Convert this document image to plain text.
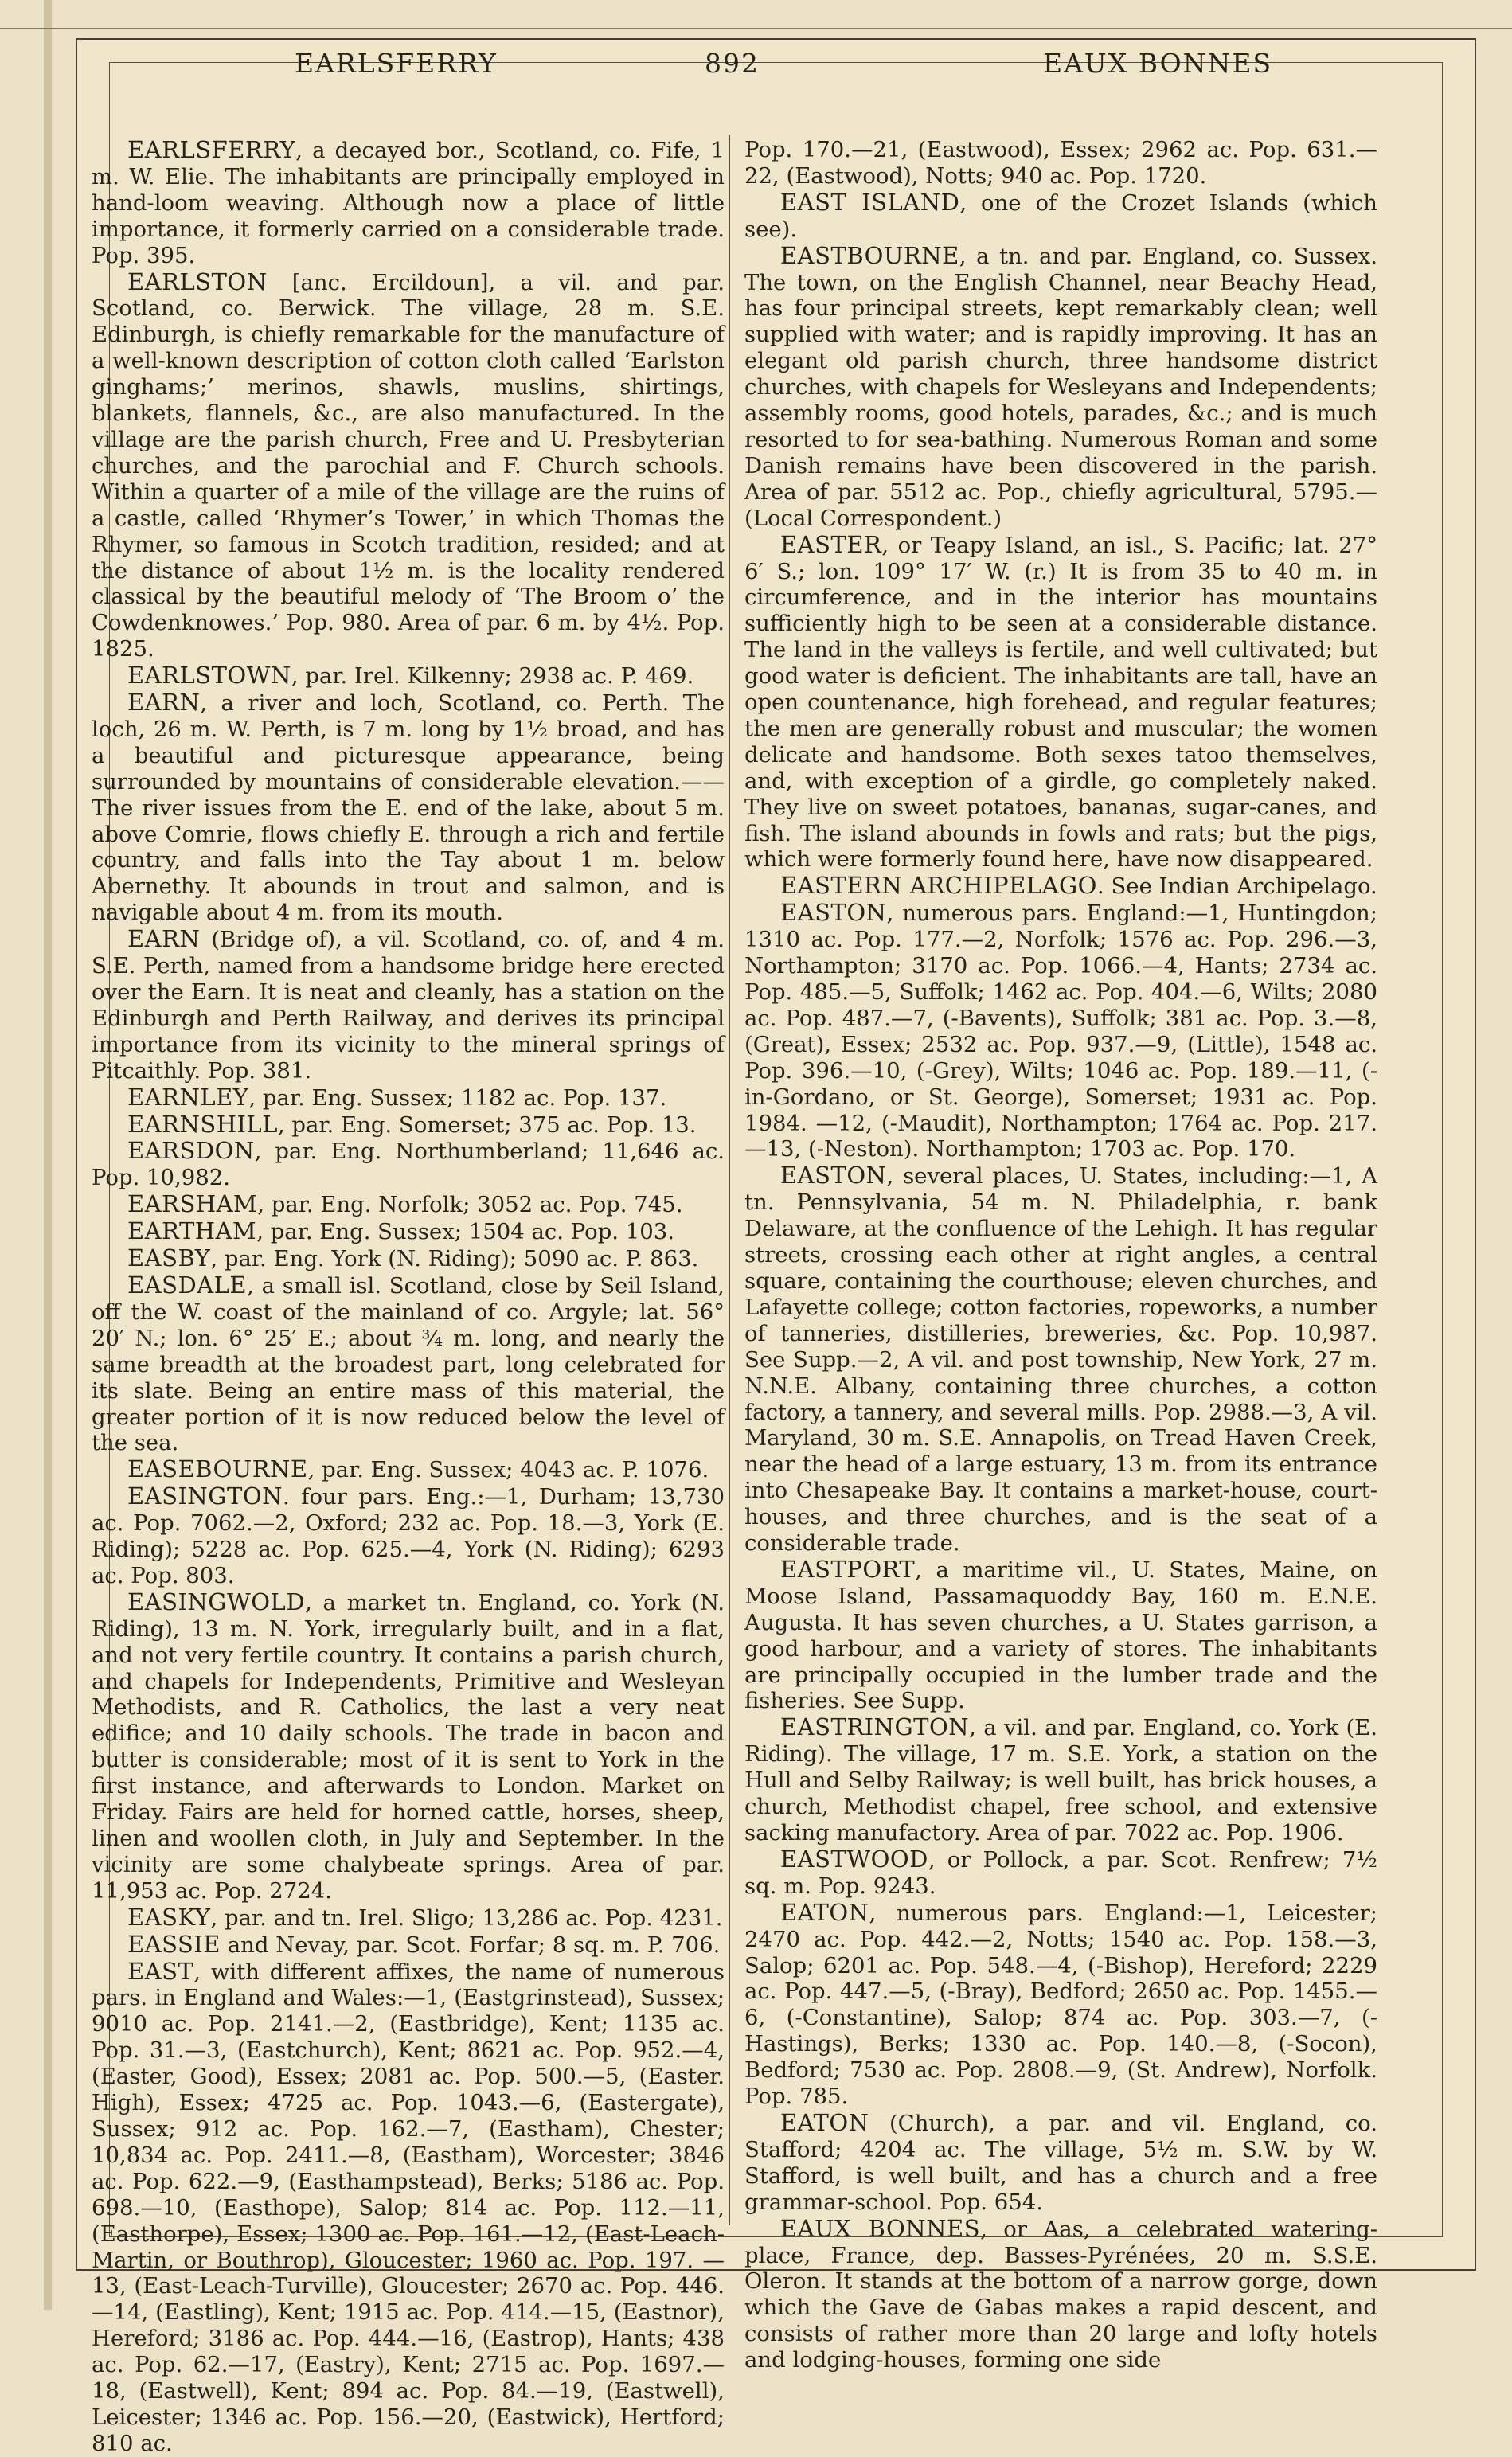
EARLSFERRY	892	EAUX BONNES

EARLSFERRY, a decayed bor., Scotland, co. Fife, 1 m. W. Elie. The inhabitants are principally employed in hand-loom weaving. Although now a place of little importance, it formerly carried on a considerable trade. Pop. 395.

EARLSTON [anc. Ercildoun], a vil. and par. Scotland, co. Berwick. The village, 28 m. S.E. Edinburgh, is chiefly remarkable for the manufacture of a well-known description of cotton cloth called ‘Earlston ginghams;’ merinos, shawls, muslins, shirtings, blankets, flannels, &c., are also manufactured. In the village are the parish church, Free and U. Presbyterian churches, and the parochial and F. Church schools. Within a quarter of a mile of the village are the ruins of a castle, called ‘Rhymer’s Tower,’ in which Thomas the Rhymer, so famous in Scotch tradition, resided; and at the distance of about 1½ m. is the locality rendered classical by the beautiful melody of ‘The Broom o’ the Cowdenknowes.’ Pop. 980. Area of par. 6 m. by 4½. Pop. 1825.

EARLSTOWN, par. Irel. Kilkenny; 2938 ac. P. 469.

EARN, a river and loch, Scotland, co. Perth. The loch, 26 m. W. Perth, is 7 m. long by 1½ broad, and has a beautiful and picturesque appearance, being surrounded by mountains of considerable elevation.——The river issues from the E. end of the lake, about 5 m. above Comrie, flows chiefly E. through a rich and fertile country, and falls into the Tay about 1 m. below Abernethy. It abounds in trout and salmon, and is navigable about 4 m. from its mouth.

EARN (Bridge of), a vil. Scotland, co. of, and 4 m. S.E. Perth, named from a handsome bridge here erected over the Earn. It is neat and cleanly, has a station on the Edinburgh and Perth Railway, and derives its principal importance from its vicinity to the mineral springs of Pitcaithly. Pop. 381.

EARNLEY, par. Eng. Sussex; 1182 ac. Pop. 137.

EARNSHILL, par. Eng. Somerset; 375 ac. Pop. 13.

EARSDON, par. Eng. Northumberland; 11,646 ac. Pop. 10,982.

EARSHAM, par. Eng. Norfolk; 3052 ac. Pop. 745.

EARTHAM, par. Eng. Sussex; 1504 ac. Pop. 103.

EASBY, par. Eng. York (N. Riding); 5090 ac. P. 863.

EASDALE, a small isl. Scotland, close by Seil Island, off the W. coast of the mainland of co. Argyle; lat. 56° 20′ N.; lon. 6° 25′ E.; about ¾ m. long, and nearly the same breadth at the broadest part, long celebrated for its slate. Being an entire mass of this material, the greater portion of it is now reduced below the level of the sea.

EASEBOURNE, par. Eng. Sussex; 4043 ac. P. 1076.

EASINGTON. four pars. Eng.:—1, Durham; 13,730 ac. Pop. 7062.—2, Oxford; 232 ac. Pop. 18.—3, York (E. Riding); 5228 ac. Pop. 625.—4, York (N. Riding); 6293 ac. Pop. 803.

EASINGWOLD, a market tn. England, co. York (N. Riding), 13 m. N. York, irregularly built, and in a flat, and not very fertile country. It contains a parish church, and chapels for Independents, Primitive and Wesleyan Methodists, and R. Catholics, the last a very neat edifice; and 10 daily schools. The trade in bacon and butter is considerable; most of it is sent to York in the first instance, and afterwards to London. Market on Friday. Fairs are held for horned cattle, horses, sheep, linen and woollen cloth, in July and September. In the vicinity are some chalybeate springs. Area of par. 11,953 ac. Pop. 2724.

EASKY, par. and tn. Irel. Sligo; 13,286 ac. Pop. 4231.

EASSIE and Nevay, par. Scot. Forfar; 8 sq. m. P. 706.

EAST, with different affixes, the name of numerous pars. in England and Wales:—1, (Eastgrinstead), Sussex; 9010 ac. Pop. 2141.—2, (Eastbridge), Kent; 1135 ac. Pop. 31.—3, (Eastchurch), Kent; 8621 ac. Pop. 952.—4, (Easter, Good), Essex; 2081 ac. Pop. 500.—5, (Easter. High), Essex; 4725 ac. Pop. 1043.—6, (Eastergate), Sussex; 912 ac. Pop. 162.—7, (Eastham), Chester; 10,834 ac. Pop. 2411.—8, (Eastham), Worcester; 3846 ac. Pop. 622.—9, (Easthampstead), Berks; 5186 ac. Pop. 698.—10, (Easthope), Salop; 814 ac. Pop. 112.—11, (Easthorpe), Essex; 1300 ac. Pop. 161.—12, (East-Leach-Martin, or Bouthrop), Gloucester; 1960 ac. Pop. 197. —13, (East-Leach-Turville), Gloucester; 2670 ac. Pop. 446. —14, (Eastling), Kent; 1915 ac. Pop. 414.—15, (Eastnor), Hereford; 3186 ac. Pop. 444.—16, (Eastrop), Hants; 438 ac. Pop. 62.—17, (Eastry), Kent; 2715 ac. Pop. 1697.—18, (Eastwell), Kent; 894 ac. Pop. 84.—19, (Eastwell), Leicester; 1346 ac. Pop. 156.—20, (Eastwick), Hertford; 810 ac.

Pop. 170.—21, (Eastwood), Essex; 2962 ac. Pop. 631.—22, (Eastwood), Notts; 940 ac. Pop. 1720.

EAST ISLAND, one of the Crozet Islands (which see).

EASTBOURNE, a tn. and par. England, co. Sussex. The town, on the English Channel, near Beachy Head, has four principal streets, kept remarkably clean; well supplied with water; and is rapidly improving. It has an elegant old parish church, three handsome district churches, with chapels for Wesleyans and Independents; assembly rooms, good hotels, parades, &c.; and is much resorted to for sea-bathing. Numerous Roman and some Danish remains have been discovered in the parish. Area of par. 5512 ac. Pop., chiefly agricultural, 5795.—(Local Correspondent.)

EASTER, or Teapy Island, an isl., S. Pacific; lat. 27° 6′ S.; lon. 109° 17′ W. (r.) It is from 35 to 40 m. in circumference, and in the interior has mountains sufficiently high to be seen at a considerable distance. The land in the valleys is fertile, and well cultivated; but good water is deficient. The inhabitants are tall, have an open countenance, high forehead, and regular features; the men are generally robust and muscular; the women delicate and handsome. Both sexes tatoo themselves, and, with exception of a girdle, go completely naked. They live on sweet potatoes, bananas, sugar-canes, and fish. The island abounds in fowls and rats; but the pigs, which were formerly found here, have now disappeared.

EASTERN ARCHIPELAGO. See Indian Archipelago.

EASTON, numerous pars. England:—1, Huntingdon; 1310 ac. Pop. 177.—2, Norfolk; 1576 ac. Pop. 296.—3, Northampton; 3170 ac. Pop. 1066.—4, Hants; 2734 ac. Pop. 485.—5, Suffolk; 1462 ac. Pop. 404.—6, Wilts; 2080 ac. Pop. 487.—7, (-Bavents), Suffolk; 381 ac. Pop. 3.—8, (Great), Essex; 2532 ac. Pop. 937.—9, (Little), 1548 ac. Pop. 396.—10, (-Grey), Wilts; 1046 ac. Pop. 189.—11, (-in-Gordano, or St. George), Somerset; 1931 ac. Pop. 1984. —12, (-Maudit), Northampton; 1764 ac. Pop. 217.—13, (-Neston). Northampton; 1703 ac. Pop. 170.

EASTON, several places, U. States, including:—1, A tn. Pennsylvania, 54 m. N. Philadelphia, r. bank Delaware, at the confluence of the Lehigh. It has regular streets, crossing each other at right angles, a central square, containing the courthouse; eleven churches, and Lafayette college; cotton factories, ropeworks, a number of tanneries, distilleries, breweries, &c. Pop. 10,987. See Supp.—2, A vil. and post township, New York, 27 m. N.N.E. Albany, containing three churches, a cotton factory, a tannery, and several mills. Pop. 2988.—3, A vil. Maryland, 30 m. S.E. Annapolis, on Tread Haven Creek, near the head of a large estuary, 13 m. from its entrance into Chesapeake Bay. It contains a market-house, court-houses, and three churches, and is the seat of a considerable trade.

EASTPORT, a maritime vil., U. States, Maine, on Moose Island, Passamaquoddy Bay, 160 m. E.N.E. Augusta. It has seven churches, a U. States garrison, a good harbour, and a variety of stores. The inhabitants are principally occupied in the lumber trade and the fisheries. See Supp.

EASTRINGTON, a vil. and par. England, co. York (E. Riding). The village, 17 m. S.E. York, a station on the Hull and Selby Railway; is well built, has brick houses, a church, Methodist chapel, free school, and extensive sacking manufactory. Area of par. 7022 ac. Pop. 1906.

EASTWOOD, or Pollock, a par. Scot. Renfrew; 7½ sq. m. Pop. 9243.

EATON, numerous pars. England:—1, Leicester; 2470 ac. Pop. 442.—2, Notts; 1540 ac. Pop. 158.—3, Salop; 6201 ac. Pop. 548.—4, (-Bishop), Hereford; 2229 ac. Pop. 447.—5, (-Bray), Bedford; 2650 ac. Pop. 1455.—6, (-Constantine), Salop; 874 ac. Pop. 303.—7, (-Hastings), Berks; 1330 ac. Pop. 140.—8, (-Socon), Bedford; 7530 ac. Pop. 2808.—9, (St. Andrew), Norfolk. Pop. 785.

EATON (Church), a par. and vil. England, co. Stafford; 4204 ac. The village, 5½ m. S.W. by W. Stafford, is well built, and has a church and a free grammar-school. Pop. 654.

EAUX BONNES, or Aas, a celebrated watering-place, France, dep. Basses-Pyrénées, 20 m. S.S.E. Oleron. It stands at the bottom of a narrow gorge, down which the Gave de Gabas makes a rapid descent, and consists of rather more than 20 large and lofty hotels and lodging-houses, forming one side
